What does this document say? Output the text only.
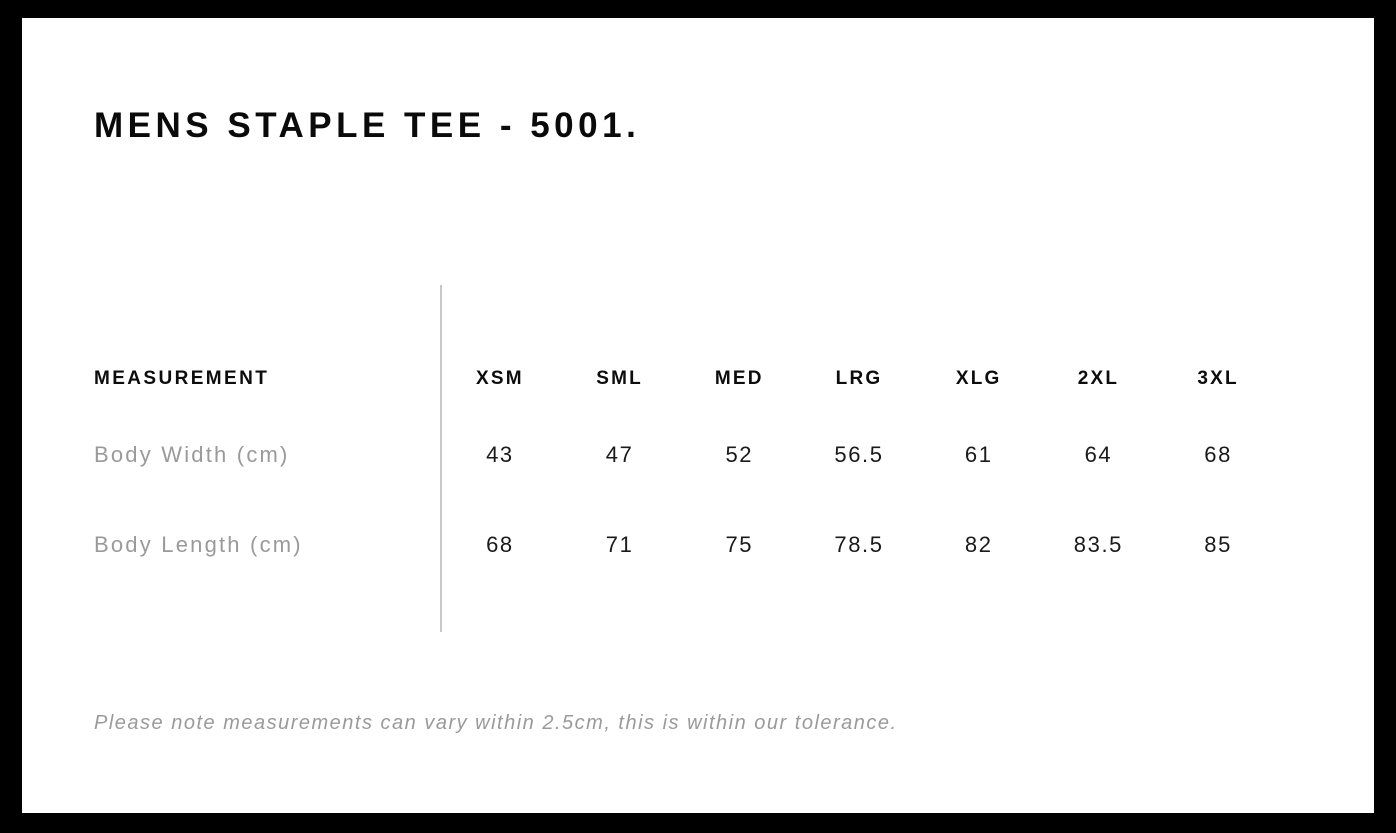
MENS STAPLE TEE - 5001.
MEASUREMENT	XSM	SML	MED	LRG	XLG	2XL	3XL
Body Width (cm)	43	47	52	56.5	61	64	68
Body Length (cm)	68	71	75	78.5	82	83.5	85
Please note measurements can vary within 2.5cm, this is within our tolerance.
